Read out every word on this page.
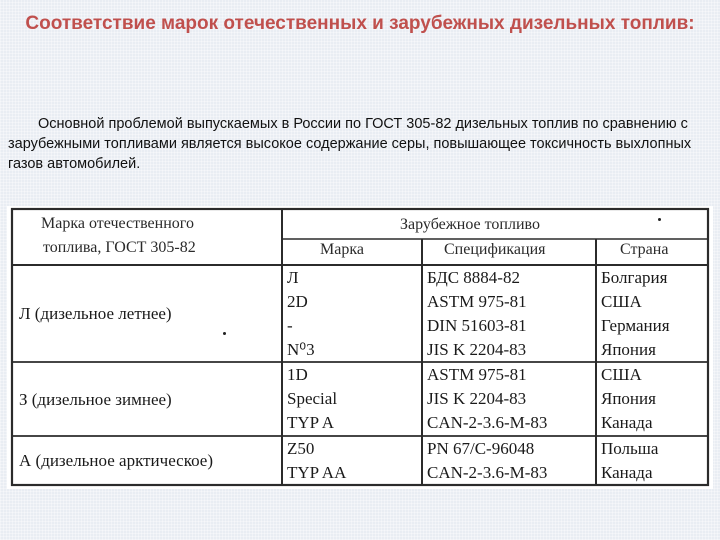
Соответствие марок отечественных и зарубежных дизельных топлив:
Основной проблемой выпускаемых в России по ГОСТ 305-82 дизельных топлив по сравнению с зарубежными топливами является высокое содержание серы, повышающее токсичность выхлопных газов автомобилей.
Марка отечественного
топлива, ГОСТ 305-82
Зарубежное топливо
Марка	Спецификация	Страна
Л (дизельное летнее)
Л
2D
-
N⁰3
БДС 8884-82
ASTM 975-81
DIN 51603-81
JIS K 2204-83
Болгария
США
Германия
Япония
З (дизельное зимнее)
1D
Special
TYP A
ASTM 975-81
JIS K 2204-83
CAN-2-3.6-M-83
США
Япония
Канада
А (дизельное арктическое)
Z50
TYP AA
PN 67/C-96048
CAN-2-3.6-M-83
Польша
Канада
